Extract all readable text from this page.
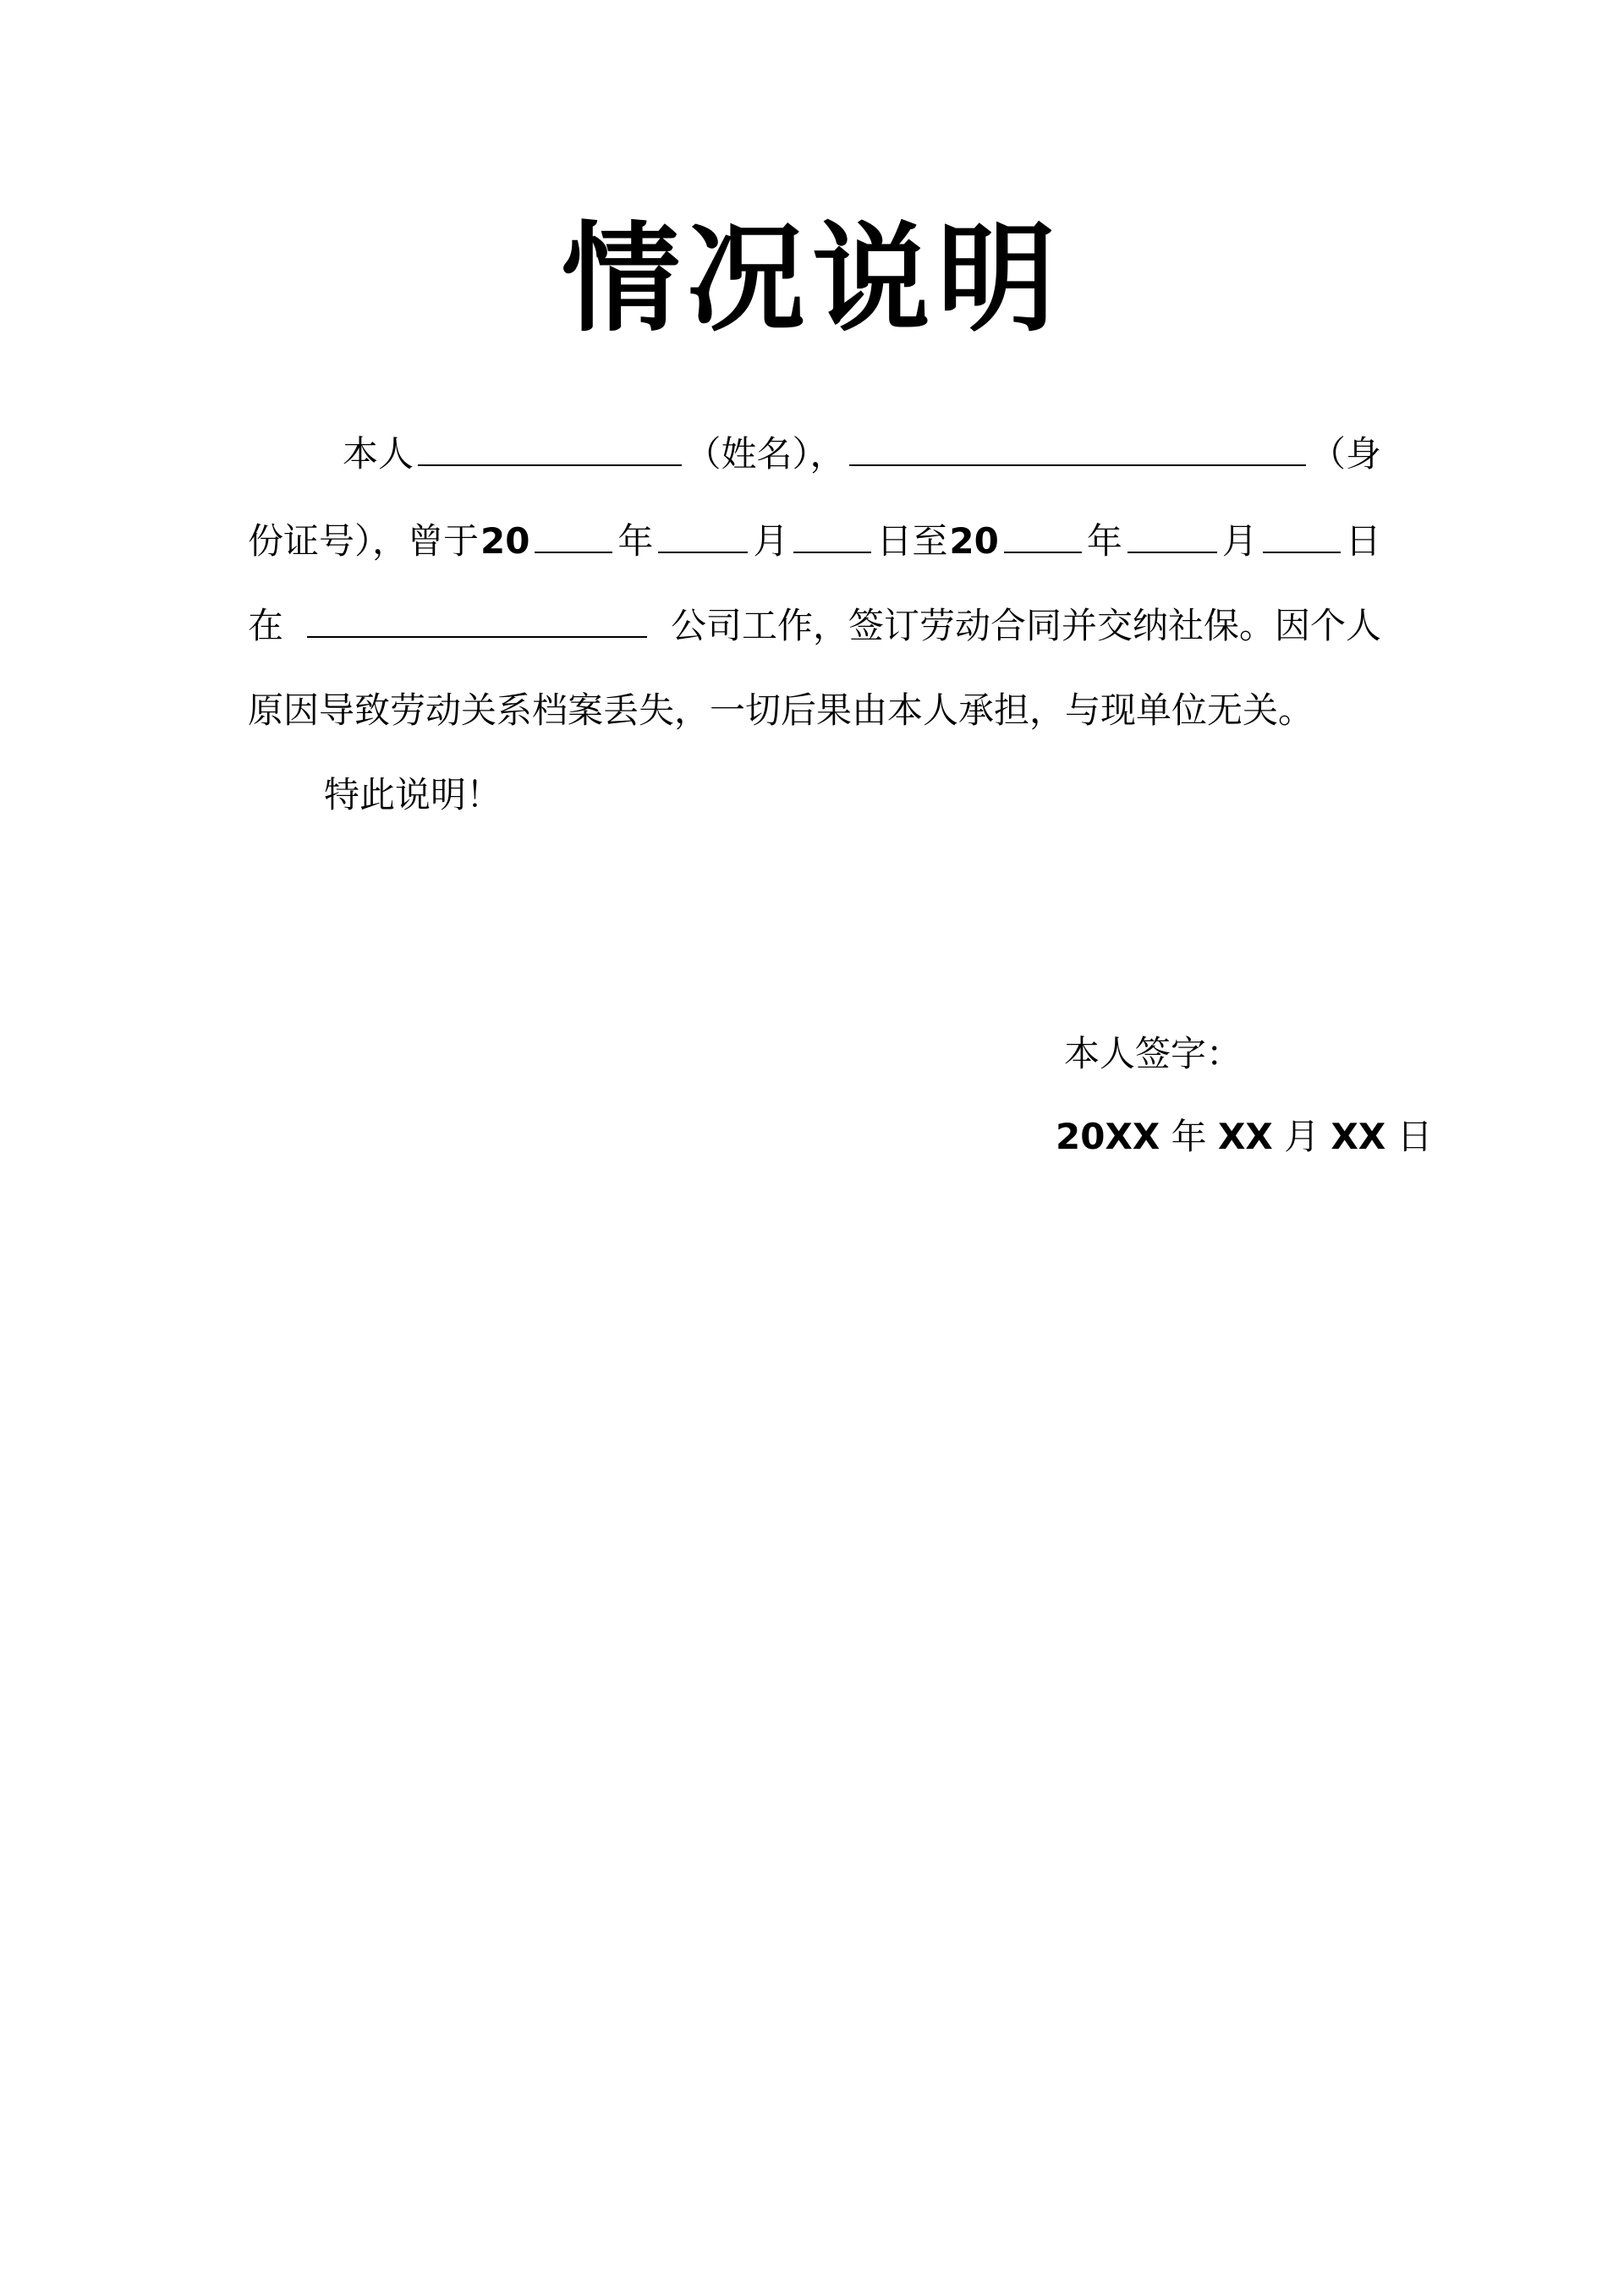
情况说明
本人	（姓名），	（身
份证号），曾于 20 年	月 日至 20 年	月 日
在	公司工作，签订劳动合同并交纳社保。因个人
原因导致劳动关系档案丢失，一切后果由本人承担，与现单位无关。
特此说明！
本人签字：
20XX 年 XX 月 XX 日
